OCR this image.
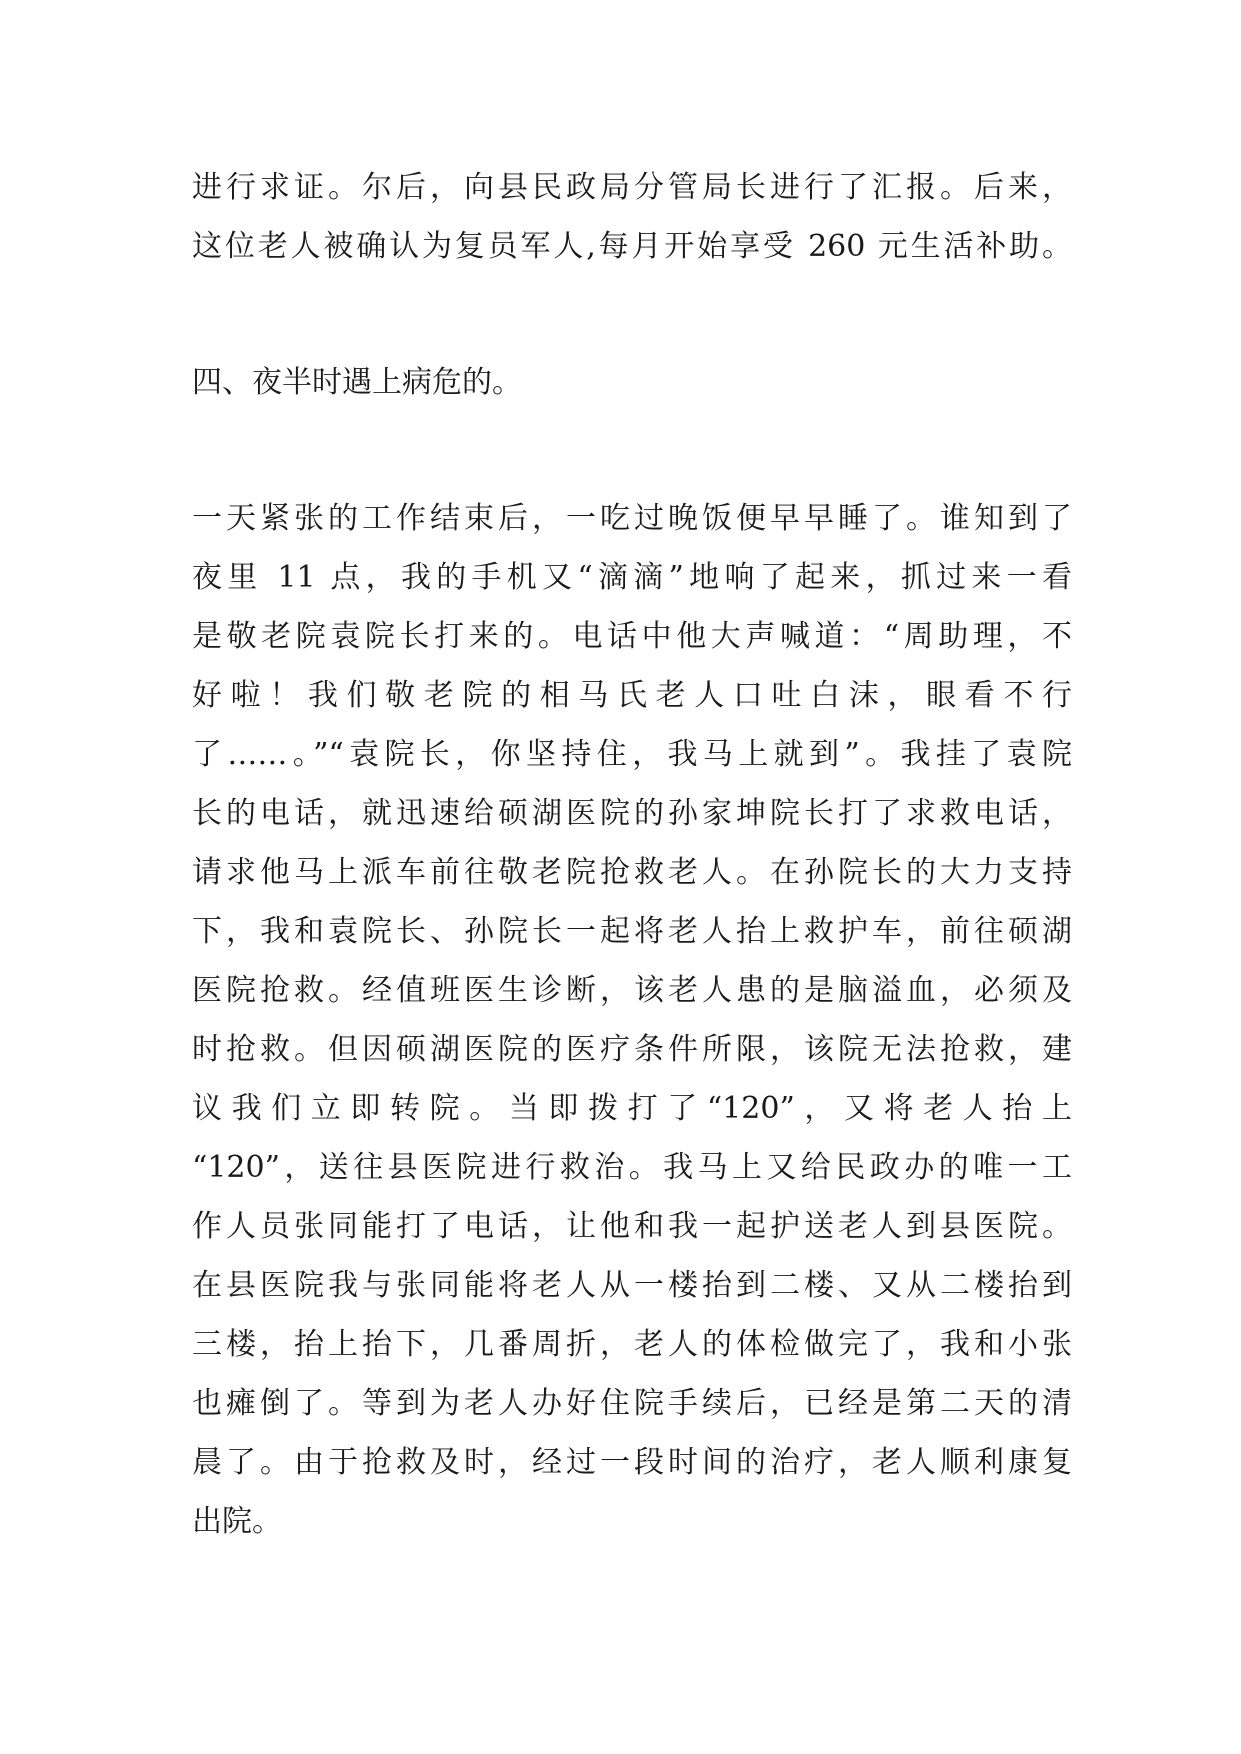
进行求证。尔后，向县民政局分管局长进行了汇报。后来，
这位老人被确认为复员军人,每月开始享受 260 元生活补助。
四、夜半时遇上病危的。
一天紧张的工作结束后，一吃过晚饭便早早睡了。谁知到了
夜里 11 点，我的手机又“滴滴”地响了起来，抓过来一看
是敬老院袁院长打来的。电话中他大声喊道：“周助理，不
好啦！我们敬老院的相马氏老人口吐白沫，眼看不行
了……。”“袁院长，你坚持住，我马上就到”。我挂了袁院
长的电话，就迅速给硕湖医院的孙家坤院长打了求救电话，
请求他马上派车前往敬老院抢救老人。在孙院长的大力支持
下，我和袁院长、孙院长一起将老人抬上救护车，前往硕湖
医院抢救。经值班医生诊断，该老人患的是脑溢血，必须及
时抢救。但因硕湖医院的医疗条件所限，该院无法抢救，建
议我们立即转院。当即拨打了“120”，又将老人抬上
“120”，送往县医院进行救治。我马上又给民政办的唯一工
作人员张同能打了电话，让他和我一起护送老人到县医院。
在县医院我与张同能将老人从一楼抬到二楼、又从二楼抬到
三楼，抬上抬下，几番周折，老人的体检做完了，我和小张
也瘫倒了。等到为老人办好住院手续后，已经是第二天的清
晨了。由于抢救及时，经过一段时间的治疗，老人顺利康复
出院。
